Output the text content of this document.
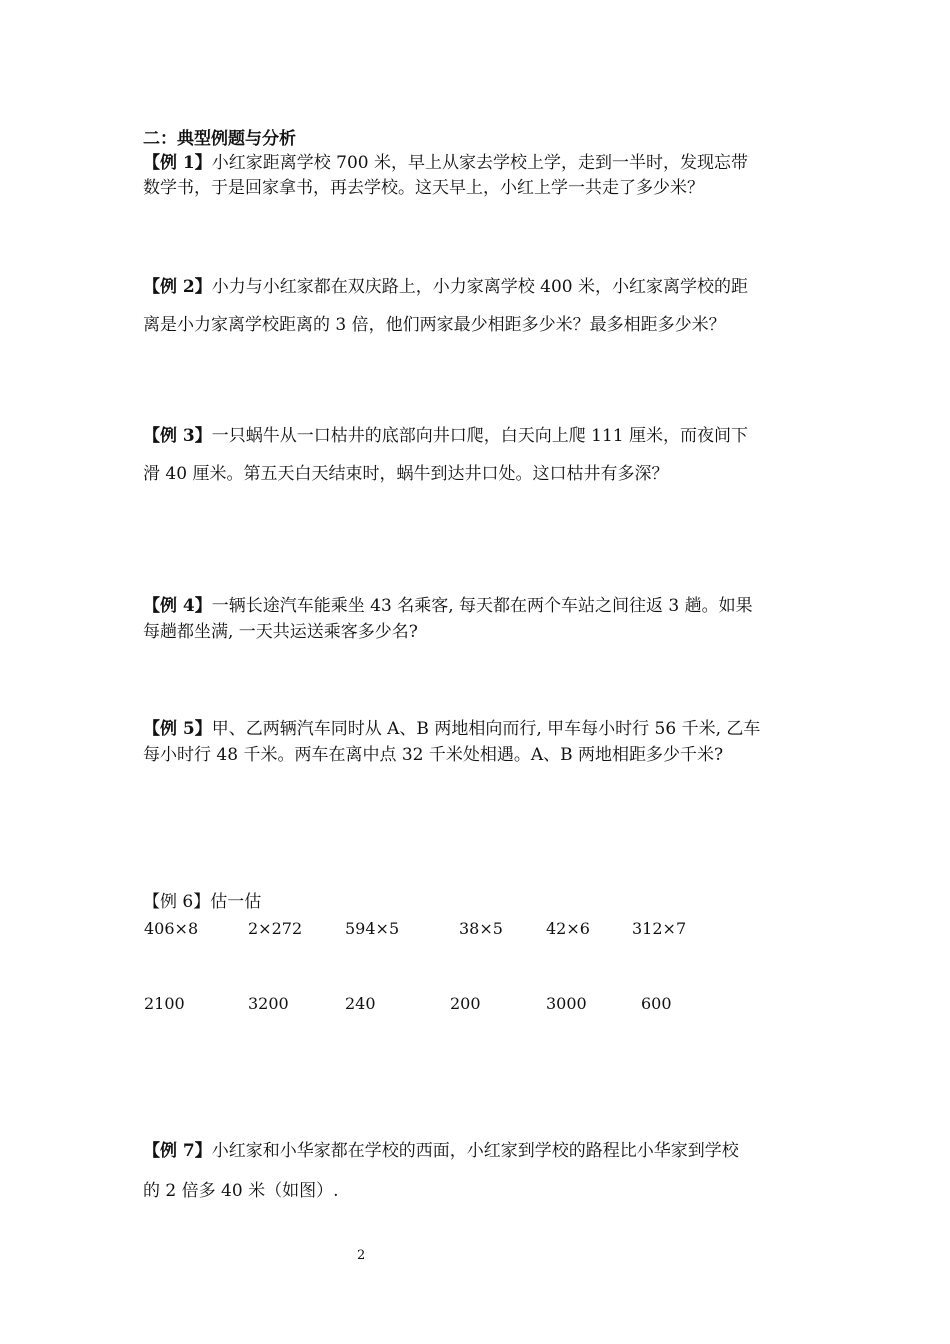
二：典型例题与分析
【例 1】小红家距离学校 700 米，早上从家去学校上学，走到一半时，发现忘带
数学书，于是回家拿书，再去学校。这天早上，小红上学一共走了多少米？
【例 2】小力与小红家都在双庆路上，小力家离学校 400 米，小红家离学校的距
离是小力家离学校距离的 3 倍，他们两家最少相距多少米？最多相距多少米？
【例 3】一只蜗牛从一口枯井的底部向井口爬，白天向上爬 111 厘米，而夜间下
滑 40 厘米。第五天白天结束时，蜗牛到达井口处。这口枯井有多深？
【例 4】一辆长途汽车能乘坐 43 名乘客, 每天都在两个车站之间往返 3 趟。如果
每趟都坐满, 一天共运送乘客多少名?
【例 5】甲、乙两辆汽车同时从 A、B 两地相向而行, 甲车每小时行 56 千米, 乙车
每小时行 48 千米。两车在离中点 32 千米处相遇。A、B 两地相距多少千米?
【例 6】估一估
406×8	2×272	594×5	38×5	42×6	312×7
2100	3200	240	200	3000	600
【例 7】小红家和小华家都在学校的西面，小红家到学校的路程比小华家到学校
的 2 倍多 40 米（如图）.
2
